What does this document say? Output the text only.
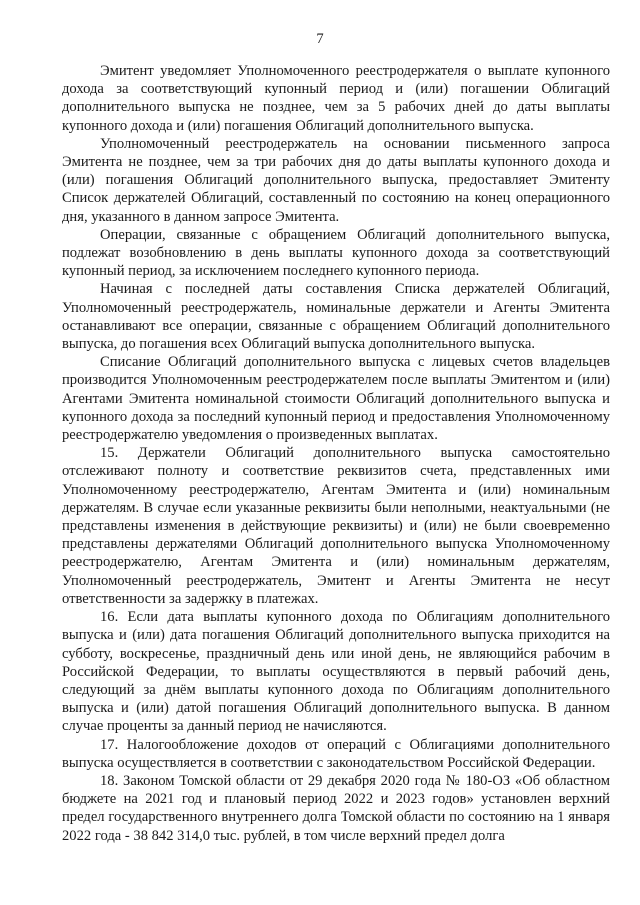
7

Эмитент уведомляет Уполномоченного реестродержателя о выплате купонного дохода за соответствующий купонный период и (или) погашении Облигаций дополнительного выпуска не позднее, чем за 5 рабочих дней до даты выплаты купонного дохода и (или) погашения Облигаций дополнительного выпуска.

Уполномоченный реестродержатель на основании письменного запроса Эмитента не позднее, чем за три рабочих дня до даты выплаты купонного дохода и (или) погашения Облигаций дополнительного выпуска, предоставляет Эмитенту Список держателей Облигаций, составленный по состоянию на конец операционного дня, указанного в данном запросе Эмитента.

Операции, связанные с обращением Облигаций дополнительного выпуска, подлежат возобновлению в день выплаты купонного дохода за соответствующий купонный период, за исключением последнего купонного периода.

Начиная с последней даты составления Списка держателей Облигаций, Уполномоченный реестродержатель, номинальные держатели и Агенты Эмитента останавливают все операции, связанные с обращением Облигаций дополнительного выпуска, до погашения всех Облигаций выпуска дополнительного выпуска.

Списание Облигаций дополнительного выпуска с лицевых счетов владельцев производится Уполномоченным реестродержателем после выплаты Эмитентом и (или) Агентами Эмитента номинальной стоимости Облигаций дополнительного выпуска и купонного дохода за последний купонный период и предоставления Уполномоченному реестродержателю уведомления о произведенных выплатах.

15. Держатели Облигаций дополнительного выпуска самостоятельно отслеживают полноту и соответствие реквизитов счета, представленных ими Уполномоченному реестродержателю, Агентам Эмитента и (или) номинальным держателям. В случае если указанные реквизиты были неполными, неактуальными (не представлены изменения в действующие реквизиты) и (или) не были своевременно представлены держателями Облигаций дополнительного выпуска Уполномоченному реестродержателю, Агентам Эмитента и (или) номинальным держателям, Уполномоченный реестродержатель, Эмитент и Агенты Эмитента не несут ответственности за задержку в платежах.

16. Если дата выплаты купонного дохода по Облигациям дополнительного выпуска и (или) дата погашения Облигаций дополнительного выпуска приходится на субботу, воскресенье, праздничный день или иной день, не являющийся рабочим в Российской Федерации, то выплаты осуществляются в первый рабочий день, следующий за днём выплаты купонного дохода по Облигациям дополнительного выпуска и (или) датой погашения Облигаций дополнительного выпуска. В данном случае проценты за данный период не начисляются.

17. Налогообложение доходов от операций с Облигациями дополнительного выпуска осуществляется в соответствии с законодательством Российской Федерации.

18. Законом Томской области от 29 декабря 2020 года № 180-ОЗ «Об областном бюджете на 2021 год и плановый период 2022 и 2023 годов» установлен верхний предел государственного внутреннего долга Томской области по состоянию на 1 января 2022 года - 38 842 314,0 тыс. рублей, в том числе верхний предел долга
